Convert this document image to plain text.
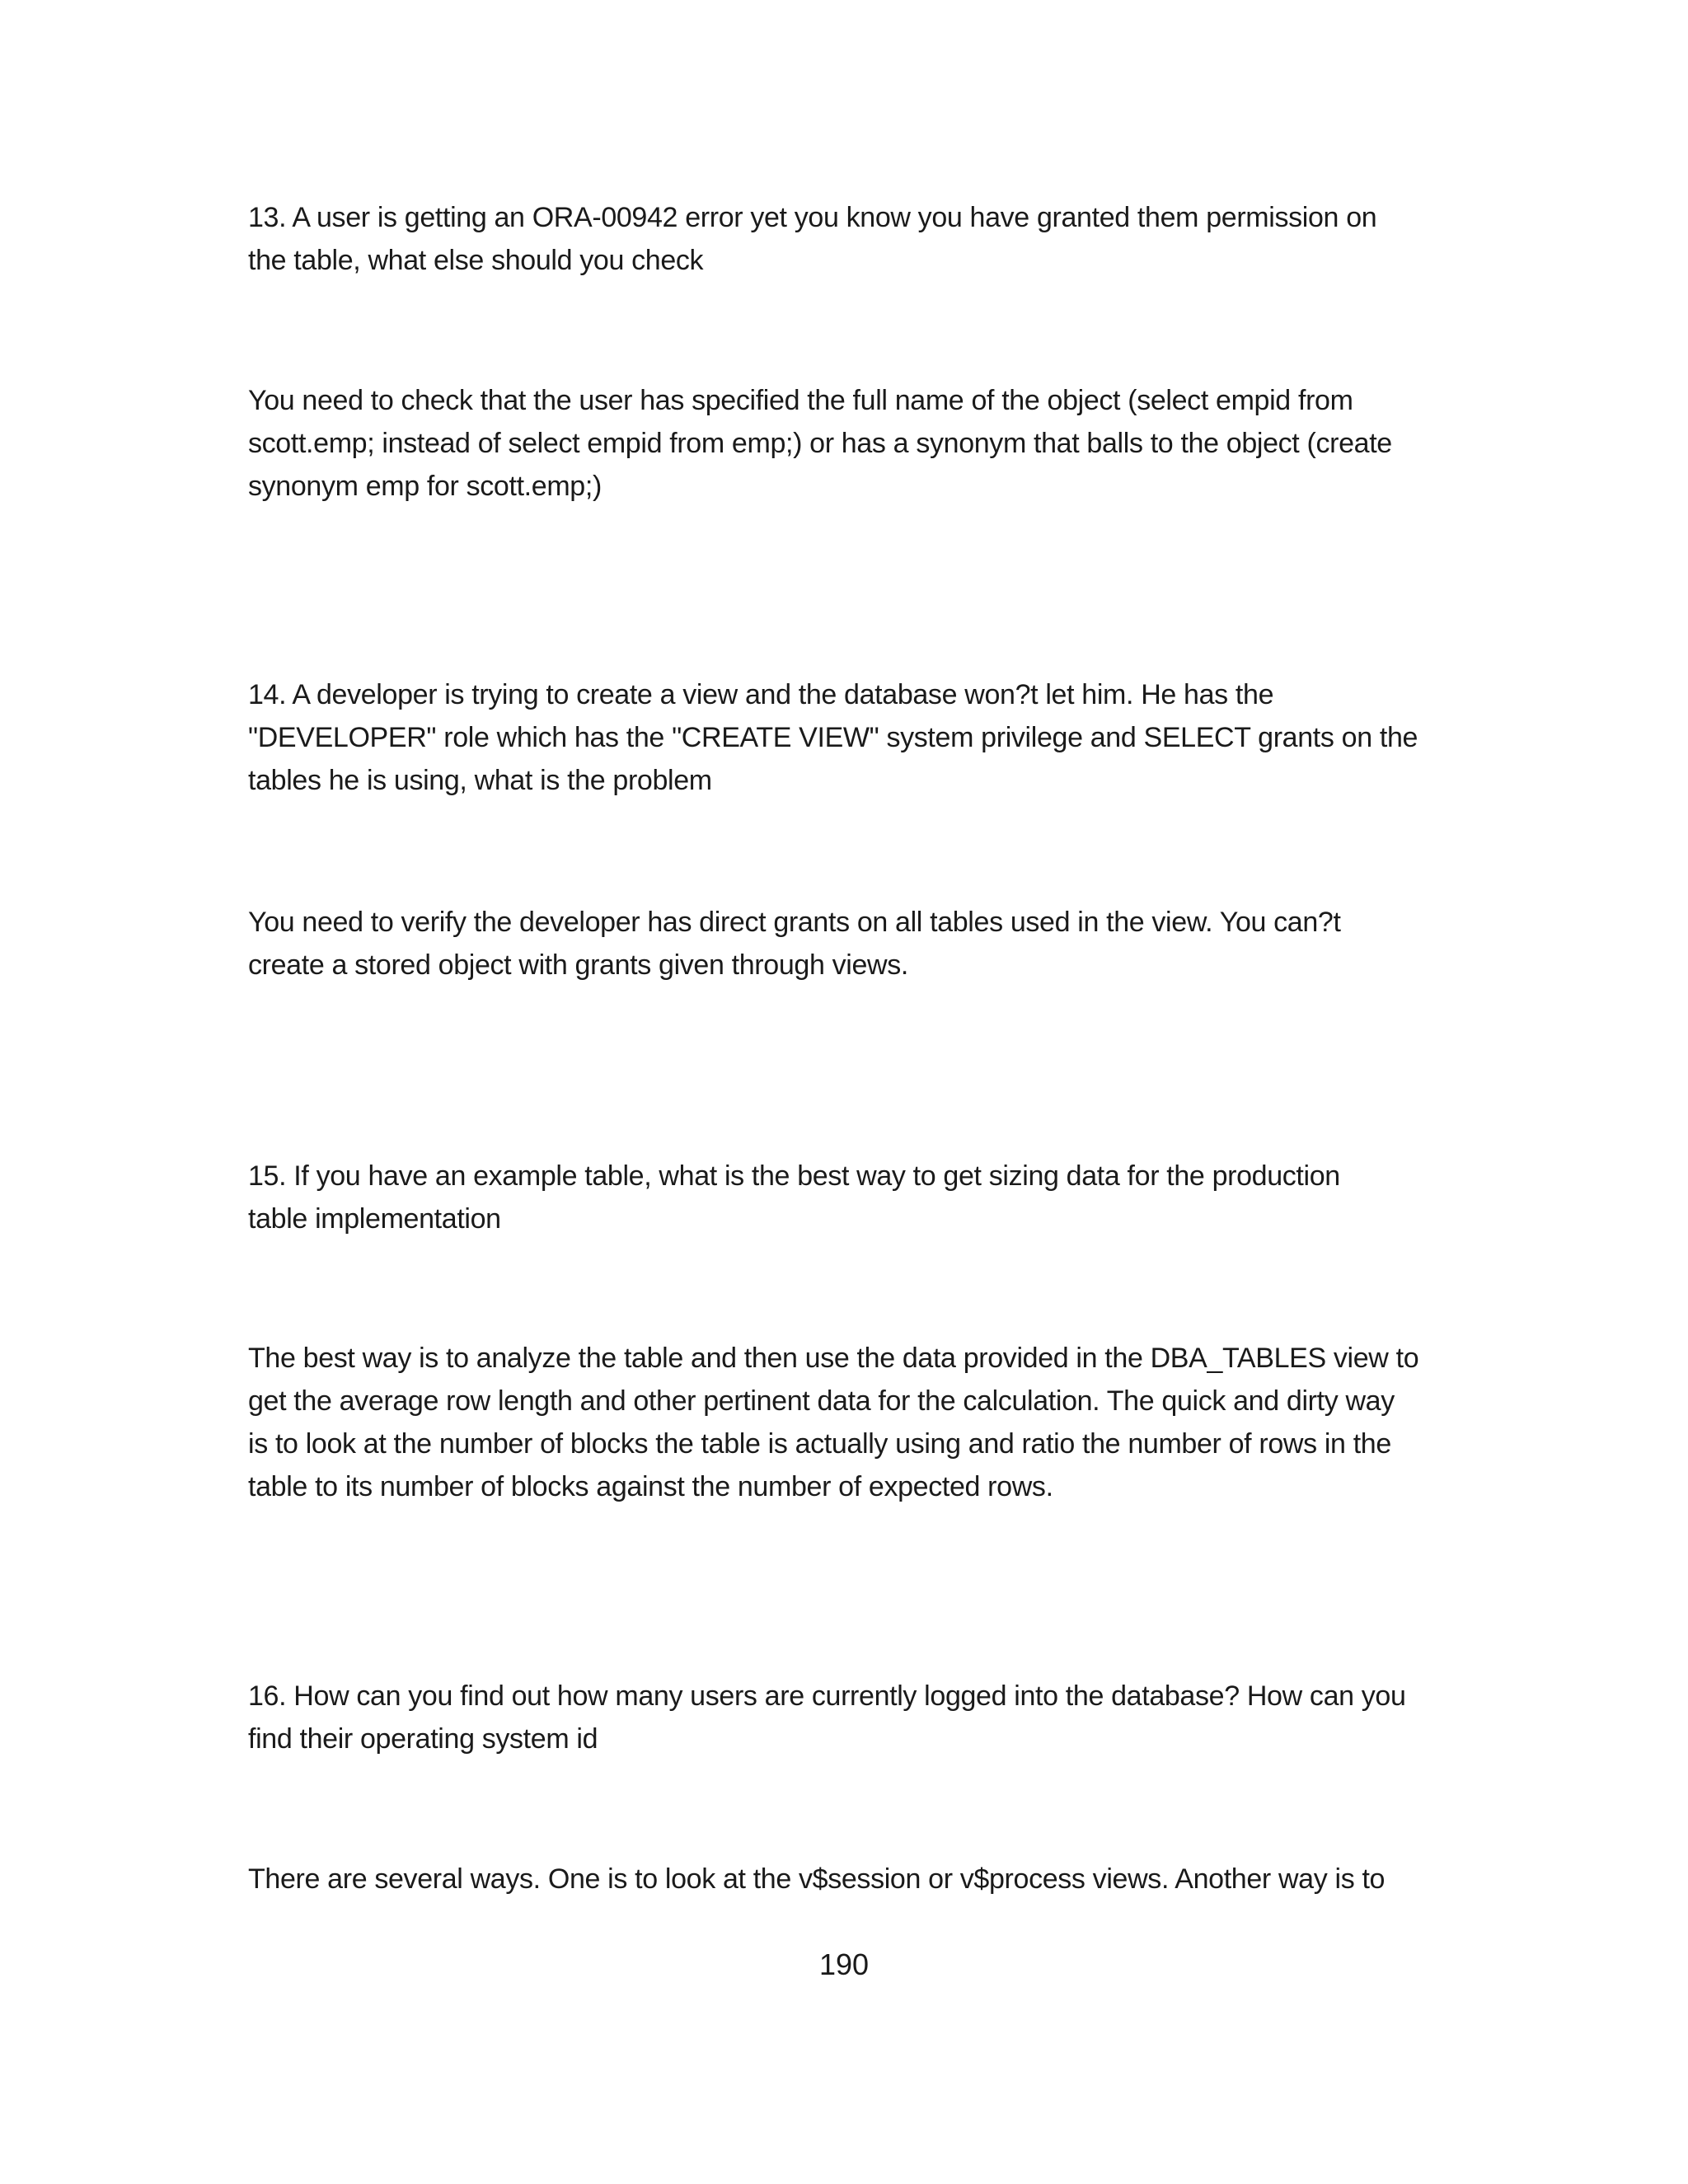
13. A user is getting an ORA-00942 error yet you know you have granted them permission on
the table, what else should you check

You need to check that the user has specified the full name of the object (select empid from
scott.emp; instead of select empid from emp;) or has a synonym that balls to the object (create
synonym emp for scott.emp;)

14. A developer is trying to create a view and the database won?t let him. He has the
"DEVELOPER" role which has the "CREATE VIEW" system privilege and SELECT grants on the
tables he is using, what is the problem

You need to verify the developer has direct grants on all tables used in the view. You can?t
create a stored object with grants given through views.

15. If you have an example table, what is the best way to get sizing data for the production
table implementation

The best way is to analyze the table and then use the data provided in the DBA_TABLES view to
get the average row length and other pertinent data for the calculation. The quick and dirty way
is to look at the number of blocks the table is actually using and ratio the number of rows in the
table to its number of blocks against the number of expected rows.

16. How can you find out how many users are currently logged into the database? How can you
find their operating system id

There are several ways. One is to look at the v$session or v$process views. Another way is to

190
